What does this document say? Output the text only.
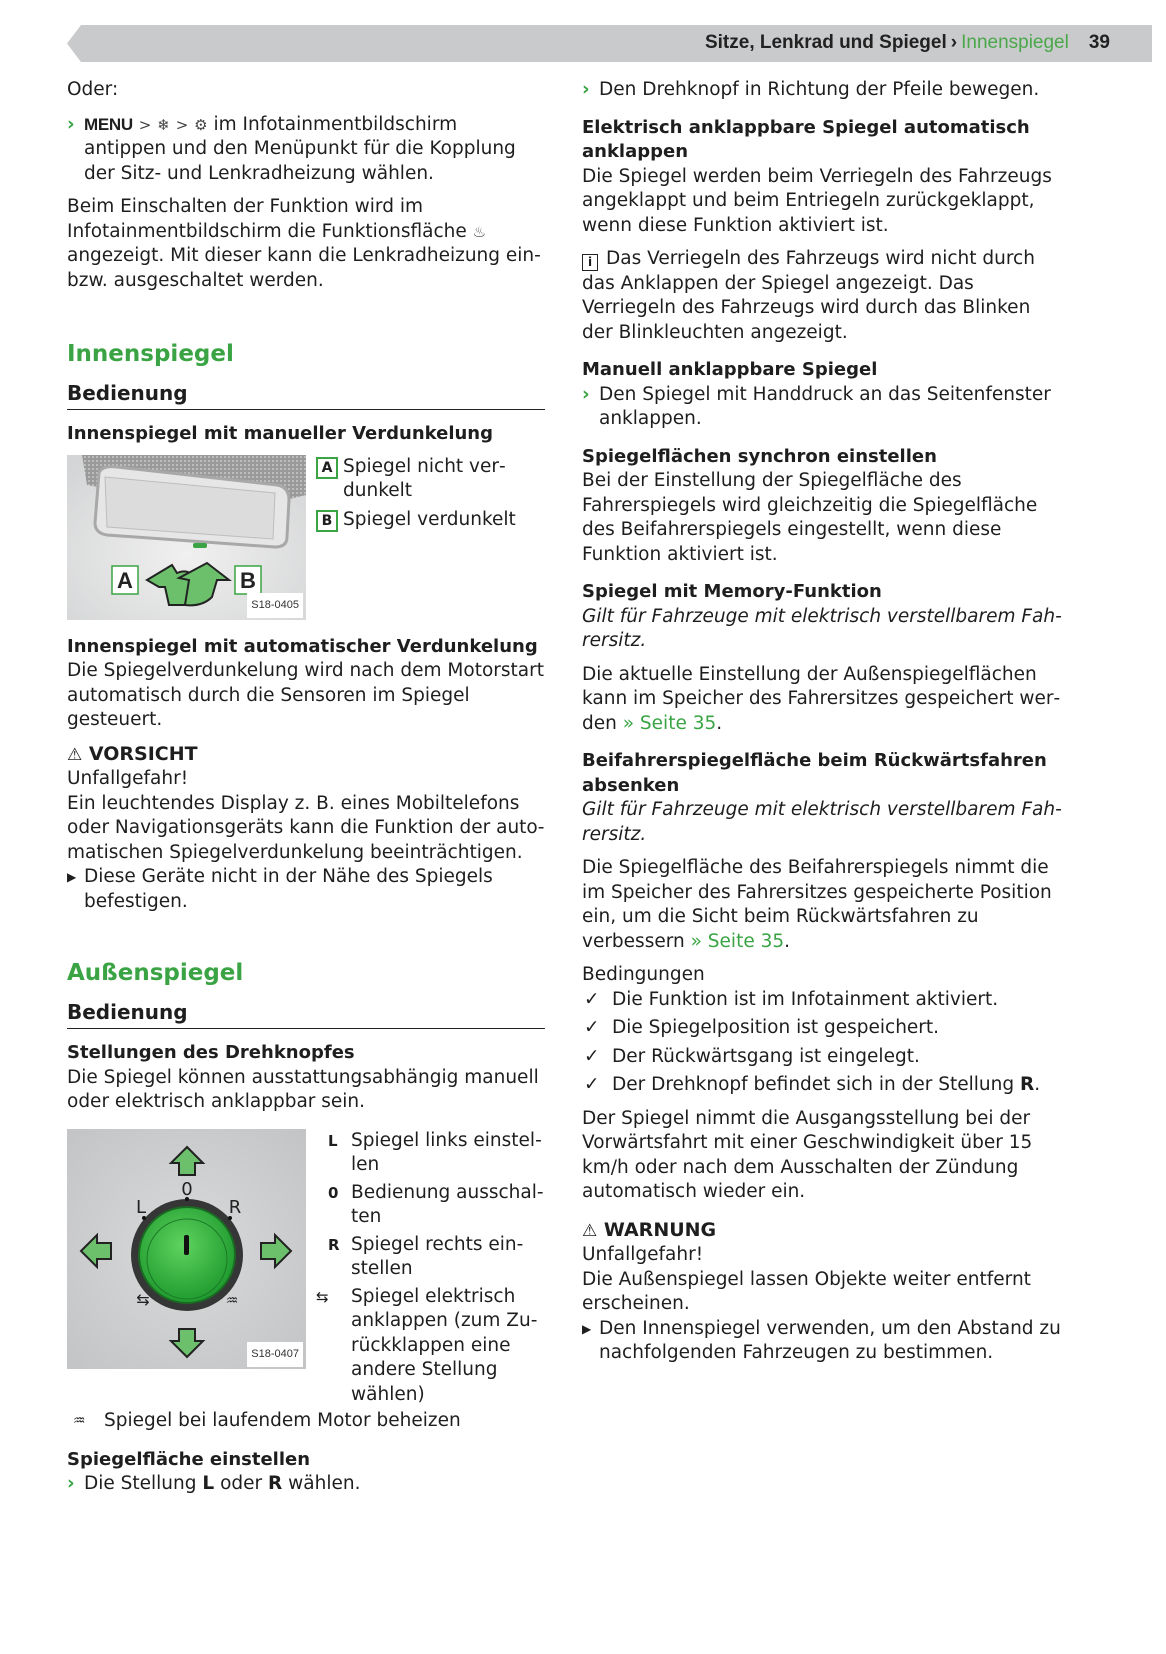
Sitze, Lenkrad und Spiegel › Innenspiegel 39

Oder:

› MENU > ❄ > ⚙ im Infotainmentbildschirm antippen und den Menüpunkt für die Kopplung der Sitz- und Lenkradheizung wählen.

Beim Einschalten der Funktion wird im Infotainmentbildschirm die Funktionsfläche ♨ angezeigt. Mit dieser kann die Lenkradheizung ein- bzw. ausgeschaltet werden.

Innenspiegel
Bedienung
Innenspiegel mit manueller Verdunkelung
A	B
S18-0405
A Spiegel nicht verdunkelt
B Spiegel verdunkelt
Innenspiegel mit automatischer Verdunkelung

Die Spiegelverdunkelung wird nach dem Motorstart automatisch durch die Sensoren im Spiegel gesteuert.

⚠ VORSICHT

Unfallgefahr!

Ein leuchtendes Display z. B. eines Mobiltelefons oder Navigationsgeräts kann die Funktion der automatischen Spiegelverdunkelung beeinträchtigen.

▶ Diese Geräte nicht in der Nähe des Spiegels befestigen.
Außenspiegel
Bedienung
Stellungen des Drehknopfes

Die Spiegel können ausstattungsabhängig manuell oder elektrisch anklappbar sein.

0
L	R
⇆	♒
S18-0407
L Spiegel links einstellen
0 Bedienung ausschalten
R Spiegel rechts einstellen
⇆	Spiegel elektrisch anklappen (zum Zurückklappen eine andere Stellung wählen)
♒ Spiegel bei laufendem Motor beheizen
Spiegelfläche einstellen
› Die Stellung L oder R wählen.
› Den Drehknopf in Richtung der Pfeile bewegen.
Elektrisch anklappbare Spiegel automatisch anklappen

Die Spiegel werden beim Verriegeln des Fahrzeugs angeklappt und beim Entriegeln zurückgeklappt, wenn diese Funktion aktiviert ist.

i Das Verriegeln des Fahrzeugs wird nicht durch das Anklappen der Spiegel angezeigt. Das Verriegeln des Fahrzeugs wird durch das Blinken der Blinkleuchten angezeigt.

Manuell anklappbare Spiegel
› Den Spiegel mit Handdruck an das Seitenfenster anklappen.
Spiegelflächen synchron einstellen

Bei der Einstellung der Spiegelfläche des Fahrerspiegels wird gleichzeitig die Spiegelfläche des Beifahrerspiegels eingestellt, wenn diese Funktion aktiviert ist.

Spiegel mit Memory-Funktion

Gilt für Fahrzeuge mit elektrisch verstellbarem Fahrersitz.

Die aktuelle Einstellung der Außenspiegelflächen kann im Speicher des Fahrersitzes gespeichert werden » Seite 35.

Beifahrerspiegelfläche beim Rückwärtsfahren absenken

Gilt für Fahrzeuge mit elektrisch verstellbarem Fahrersitz.

Die Spiegelfläche des Beifahrerspiegels nimmt die im Speicher des Fahrersitzes gespeicherte Position ein, um die Sicht beim Rückwärtsfahren zu verbessern » Seite 35.

Bedingungen

✓ Die Funktion ist im Infotainment aktiviert.
✓ Die Spiegelposition ist gespeichert.
✓ Der Rückwärtsgang ist eingelegt.
✓ Der Drehknopf befindet sich in der Stellung R.

Der Spiegel nimmt die Ausgangsstellung bei der Vorwärtsfahrt mit einer Geschwindigkeit über 15 km/h oder nach dem Ausschalten der Zündung automatisch wieder ein.

⚠ WARNUNG

Unfallgefahr!

Die Außenspiegel lassen Objekte weiter entfernt erscheinen.

▶ Den Innenspiegel verwenden, um den Abstand zu nachfolgenden Fahrzeugen zu bestimmen.
